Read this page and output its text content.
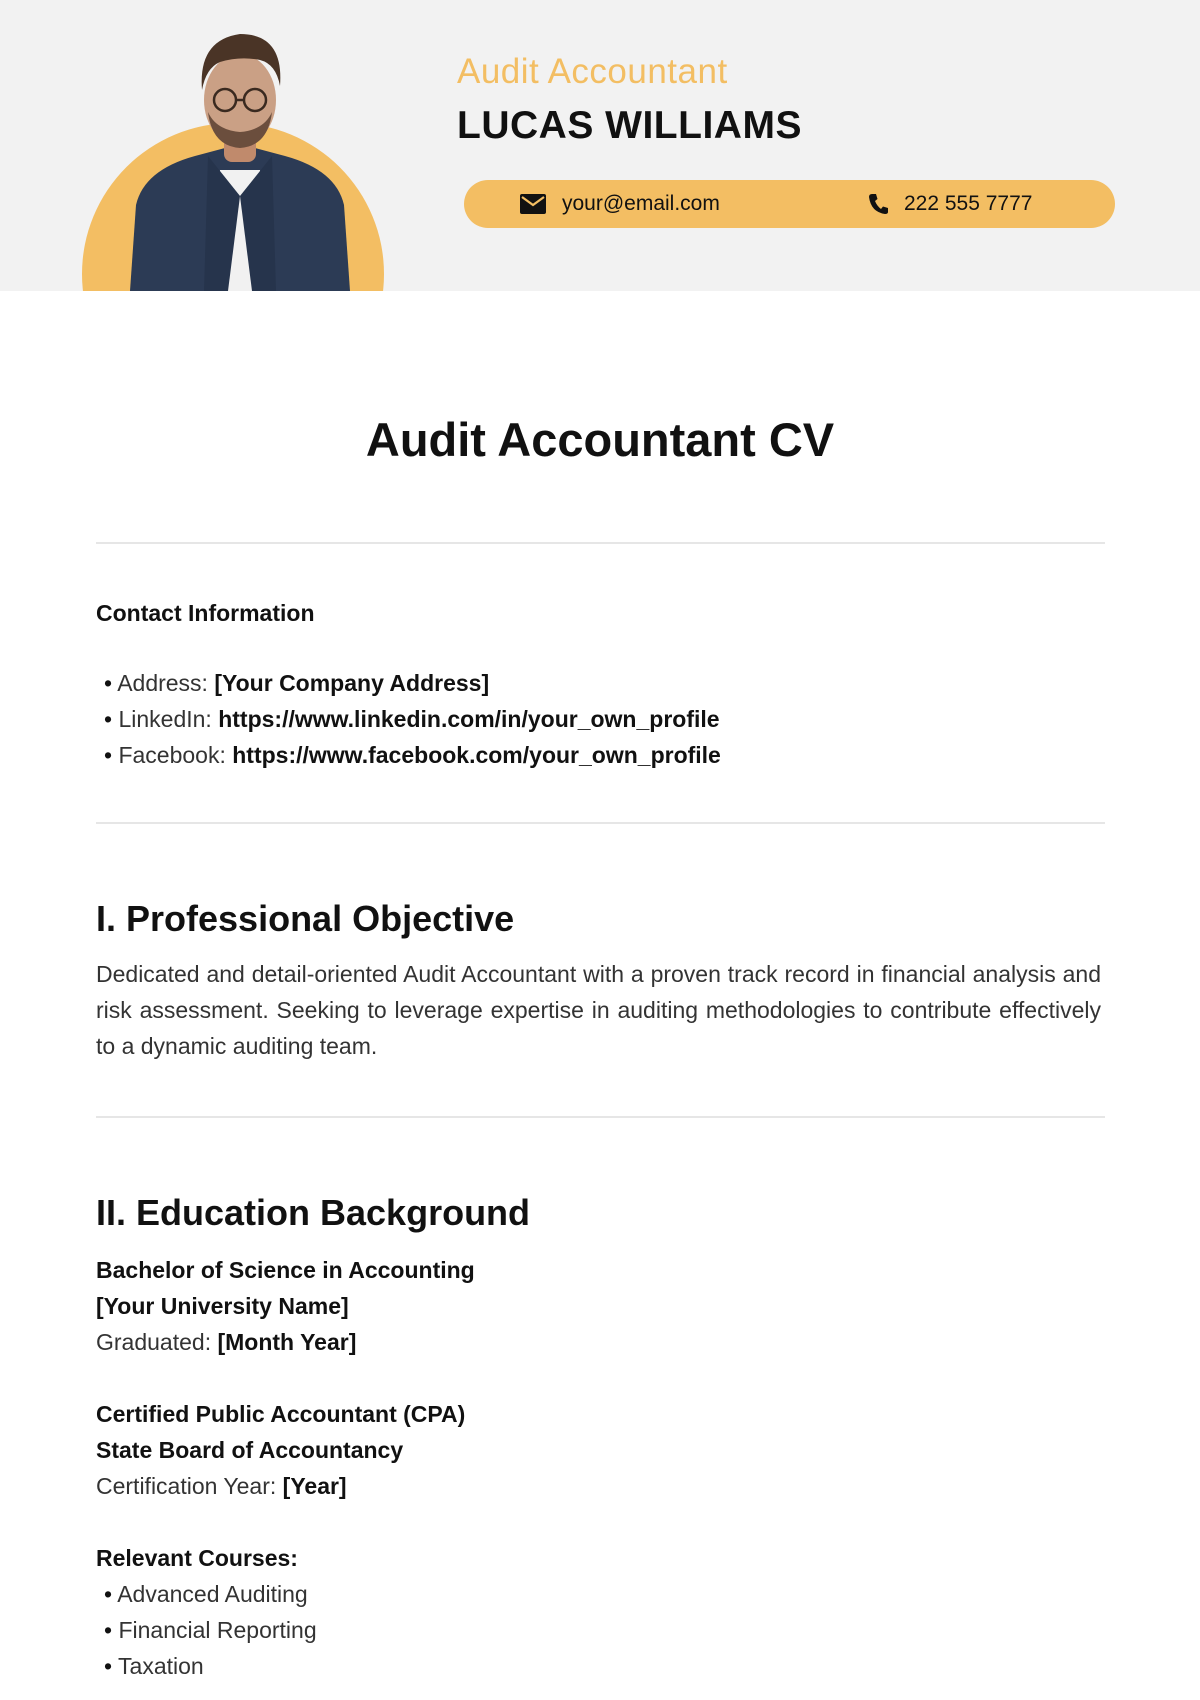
Audit Accountant
LUCAS WILLIAMS
your@email.com	222 555 7777
Audit Accountant CV
Contact Information
• Address: [Your Company Address]
• LinkedIn: https://www.linkedin.com/in/your_own_profile
• Facebook: https://www.facebook.com/your_own_profile
I. Professional Objective

Dedicated and detail-oriented Audit Accountant with a proven track record in financial analysis and risk assessment. Seeking to leverage expertise in auditing methodologies to contribute effectively to a dynamic auditing team.

II. Education Background

Bachelor of Science in Accounting

[Your University Name]

Graduated: [Month Year]

Certified Public Accountant (CPA)

State Board of Accountancy

Certification Year: [Year]

Relevant Courses:

• Advanced Auditing
• Financial Reporting
• Taxation
